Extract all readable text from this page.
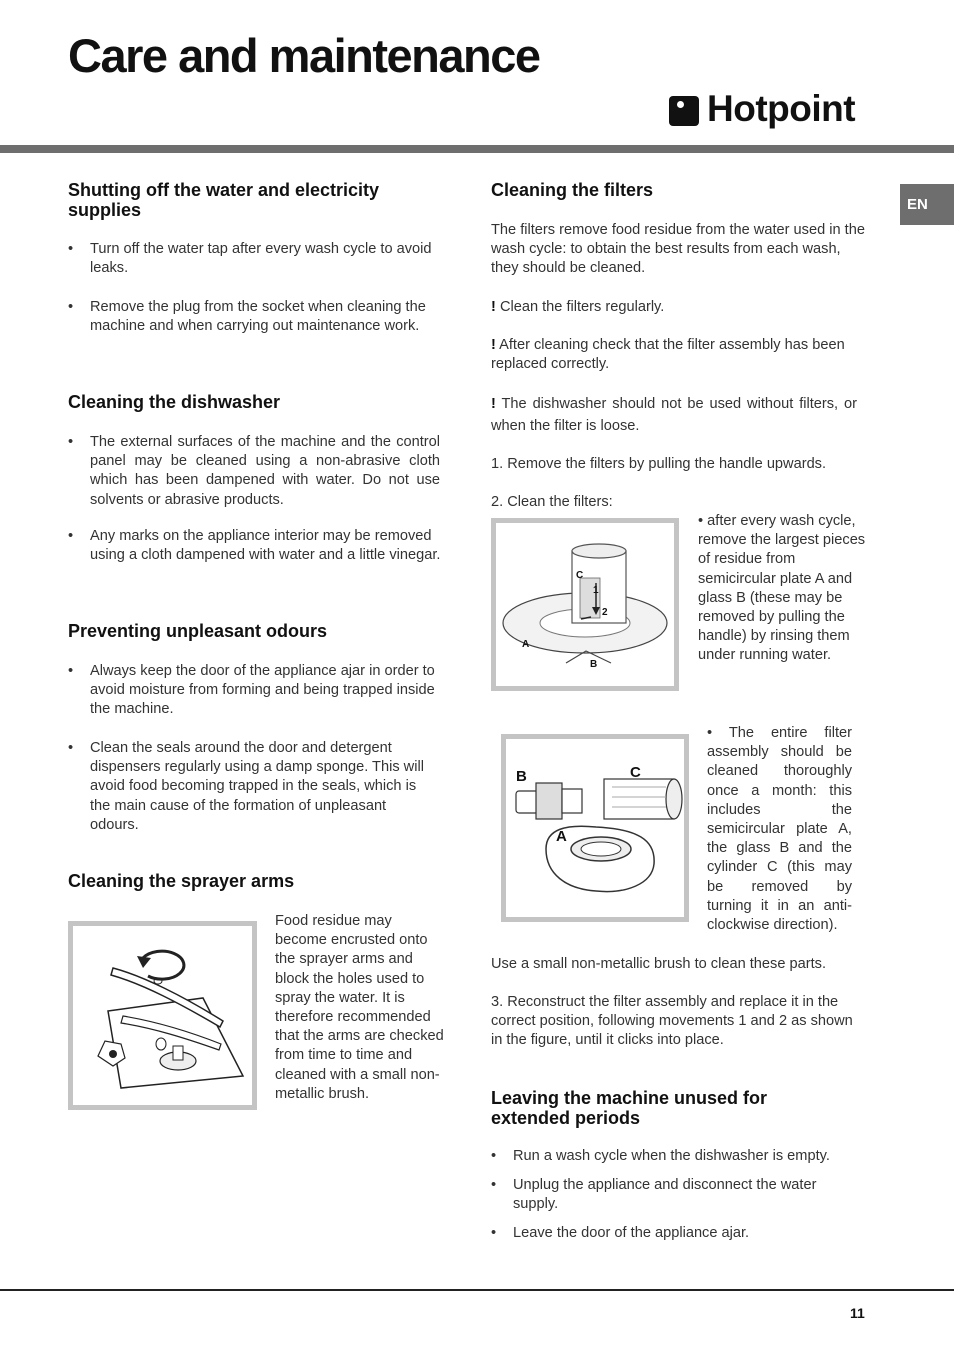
Care and maintenance
Hotpoint
EN
Shutting off the water and electricity supplies
• Turn off the water tap after every wash cycle to avoid leaks.
• Remove the plug from the socket when cleaning the machine and when carrying out maintenance work.
Cleaning the dishwasher
• The external surfaces of the machine and the control panel may be cleaned using a non-abrasive cloth which has been dampened with water. Do not use solvents or abrasive products.
• Any marks on the appliance interior may be removed using a cloth dampened with water and a little vinegar.
Preventing unpleasant odours
• Always keep the door of the appliance ajar in order to avoid moisture from forming and being trapped inside the machine.
• Clean the seals around the door and detergent dispensers regularly using a damp sponge. This will avoid food becoming trapped in the seals, which is the main cause of the formation of unpleasant odours.
Cleaning the sprayer arms

Food residue may become encrusted onto the sprayer arms and block the holes used to spray the water. It is therefore recommended that the arms are checked from time to time and cleaned with a small non-metallic brush.

Cleaning the filters

The filters remove food residue from the water used in the wash cycle: to obtain the best results from each wash, they should be cleaned.

! Clean the filters regularly.

! After cleaning check that the filter assembly has been replaced correctly.

! The dishwasher should not be used without filters, or when the filter is loose.

1. Remove the filters by pulling the handle upwards.

2. Clean the filters:

C
1
2
A
B

• after every wash cycle, remove the largest pieces of residue from semicircular plate A and glass B (these may be removed by pulling the handle) by rinsing them under running water.

B	C
A

• The entire filter assembly should be cleaned thoroughly once a month: this includes the semicircular plate A, the glass B and the cylinder C (this may be removed by turning it in an anti-clockwise direction).

Use a small non-metallic brush to clean these parts.

3. Reconstruct the filter assembly and replace it in the correct position, following movements 1 and 2 as shown in the figure, until it clicks into place.

Leaving the machine unused for extended periods
• Run a wash cycle when the dishwasher is empty.
• Unplug the appliance and disconnect the water supply.
• Leave the door of the appliance ajar.
11
